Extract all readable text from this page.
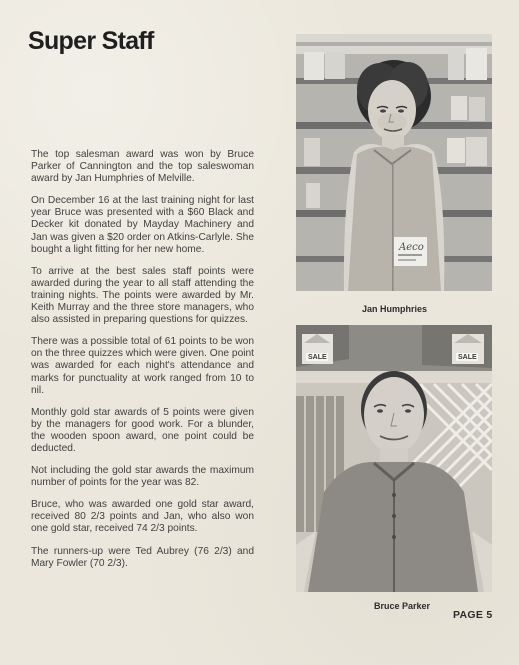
Super Staff

The top salesman award was won by Bruce Parker of Cannington and the top saleswoman award by Jan Humphries of Melville.

On December 16 at the last training night for last year Bruce was presented with a $60 Black and Decker kit donated by Mayday Machinery and Jan was given a $20 order on Atkins-Carlyle. She bought a light fitting for her new home.

To arrive at the best sales staff points were awarded during the year to all staff attending the training nights. The points were awarded by Mr. Keith Murray and the three store managers, who also assisted in preparing questions for quizzes.

There was a possible total of 61 points to be won on the three quizzes which were given. One point was awarded for each night's attendance and marks for punctuality at work ranged from 10 to nil.

Monthly gold star awards of 5 points were given by the managers for good work. For a blunder, the wooden spoon award, one point could be deducted.

Not including the gold star awards the maximum number of points for the year was 82.

Bruce, who was awarded one gold star award, received 80 2/3 points and Jan, who also won one gold star, received 74 2/3 points.

The runners-up were Ted Aubrey (76 2/3) and Mary Fowler (70 2/3).

Aeco
SALE	SALE

Jan Humphries

Bruce Parker

PAGE 5
